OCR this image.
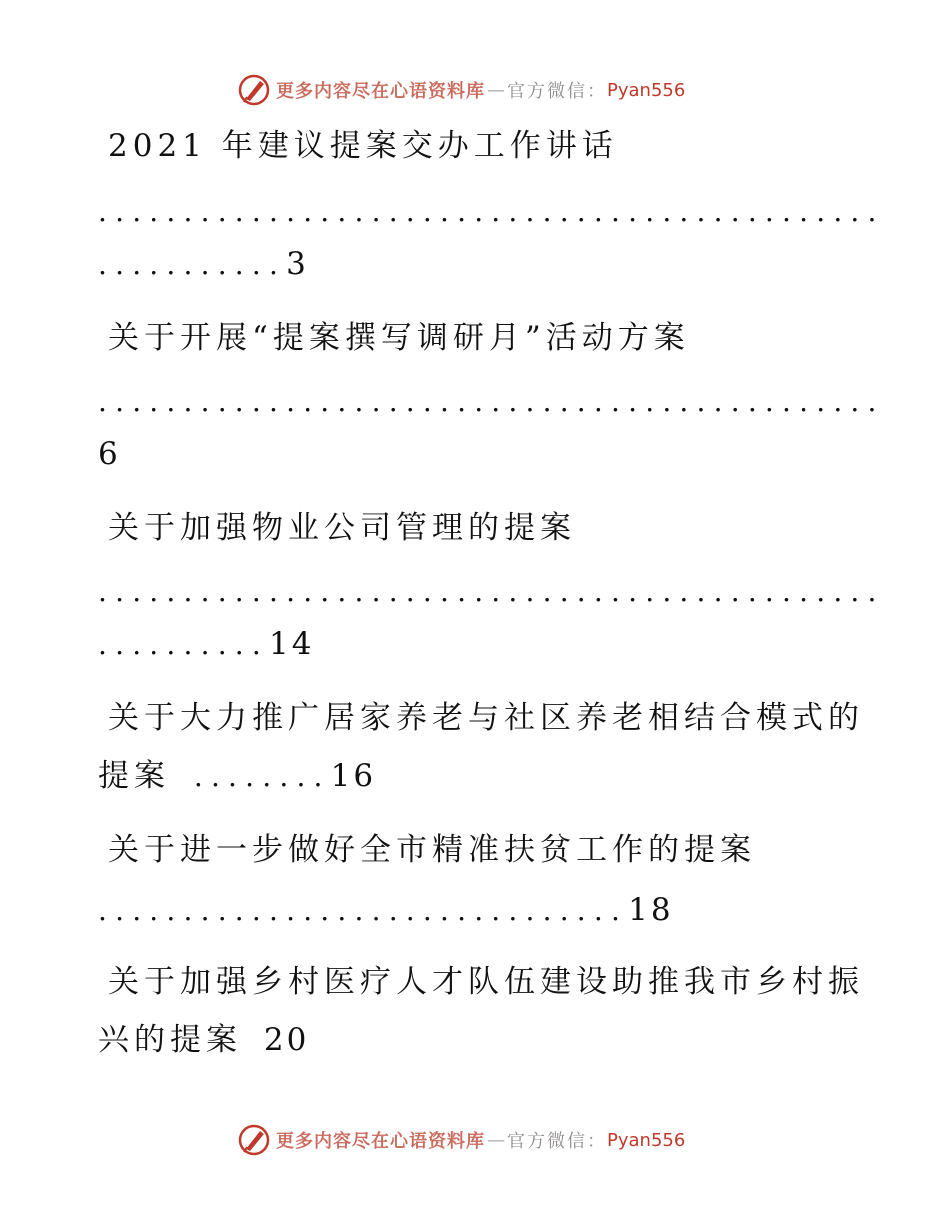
更多内容尽在心语资料库 — 官方微信： Pyan556
2021 年建议提案交办工作讲话
..............................................
...........3
关于开展“提案撰写调研月”活动方案
..............................................
6
关于加强物业公司管理的提案
..............................................
..........14
关于大力推广居家养老与社区养老相结合模式的
提案 ........16
关于进一步做好全市精准扶贫工作的提案
...............................18
关于加强乡村医疗人才队伍建设助推我市乡村振
兴的提案 20
更多内容尽在心语资料库 — 官方微信： Pyan556
